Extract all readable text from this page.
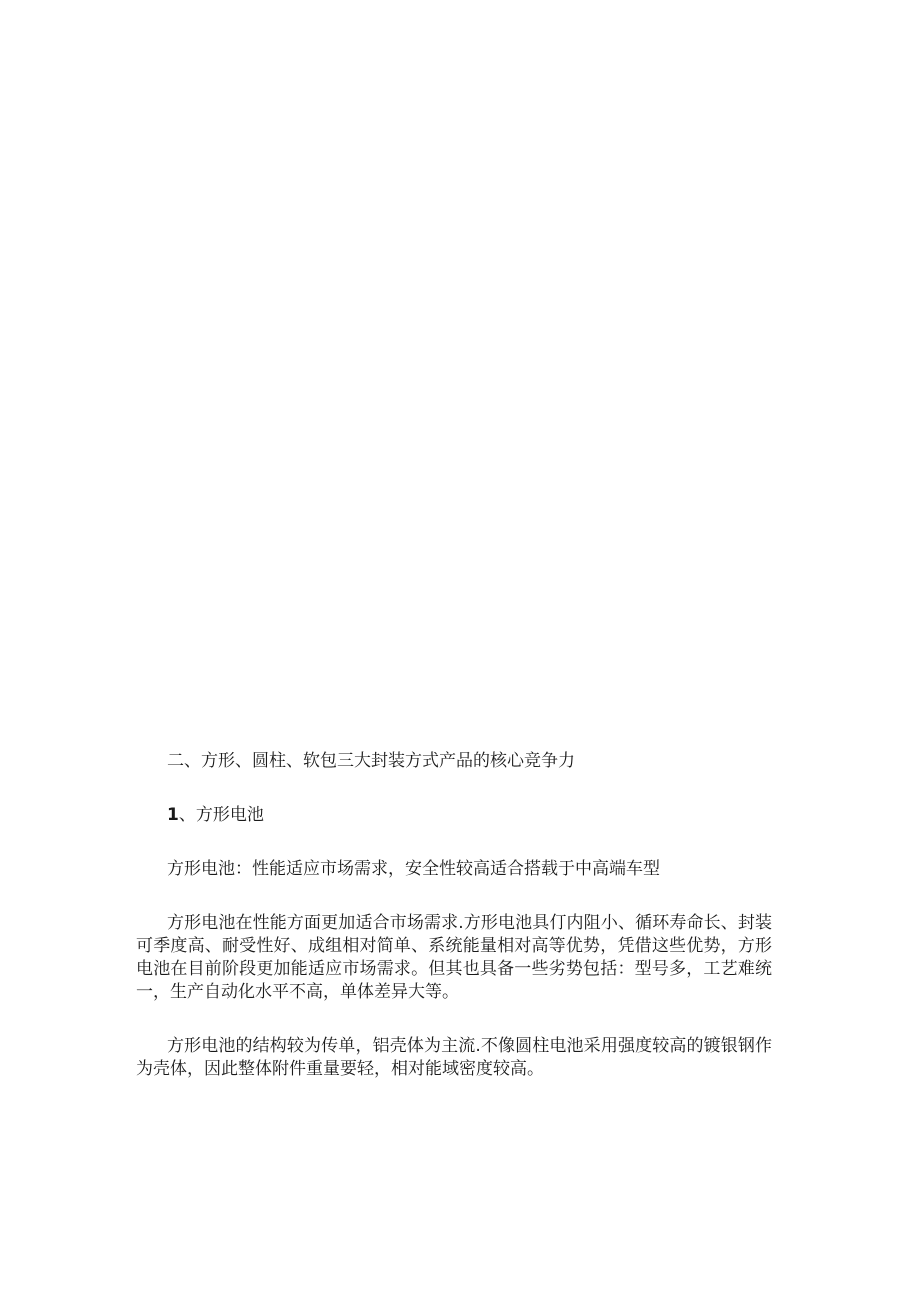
二、方形、圆柱、软包三大封装方式产品的核心竞争力
1、方形电池
方形电池：性能适应市场需求，安全性较高适合搭载于中高端车型
方形电池在性能方面更加适合市场需求.方形电池具仃内阻小、循环寿命长、封装
可季度高、耐受性好、成组相对简单、系统能量相对高等优势，凭借这些优势，方形
电池在目前阶段更加能适应市场需求。但其也具备一些劣势包括：型号多，工艺难统
一，生产自动化水平不高，单体差异大等。
方形电池的结构较为传单，铝壳体为主流.不像圆柱电池采用强度较高的镀银钢作
为壳体，因此整体附件重量要轻，相对能域密度较高。
